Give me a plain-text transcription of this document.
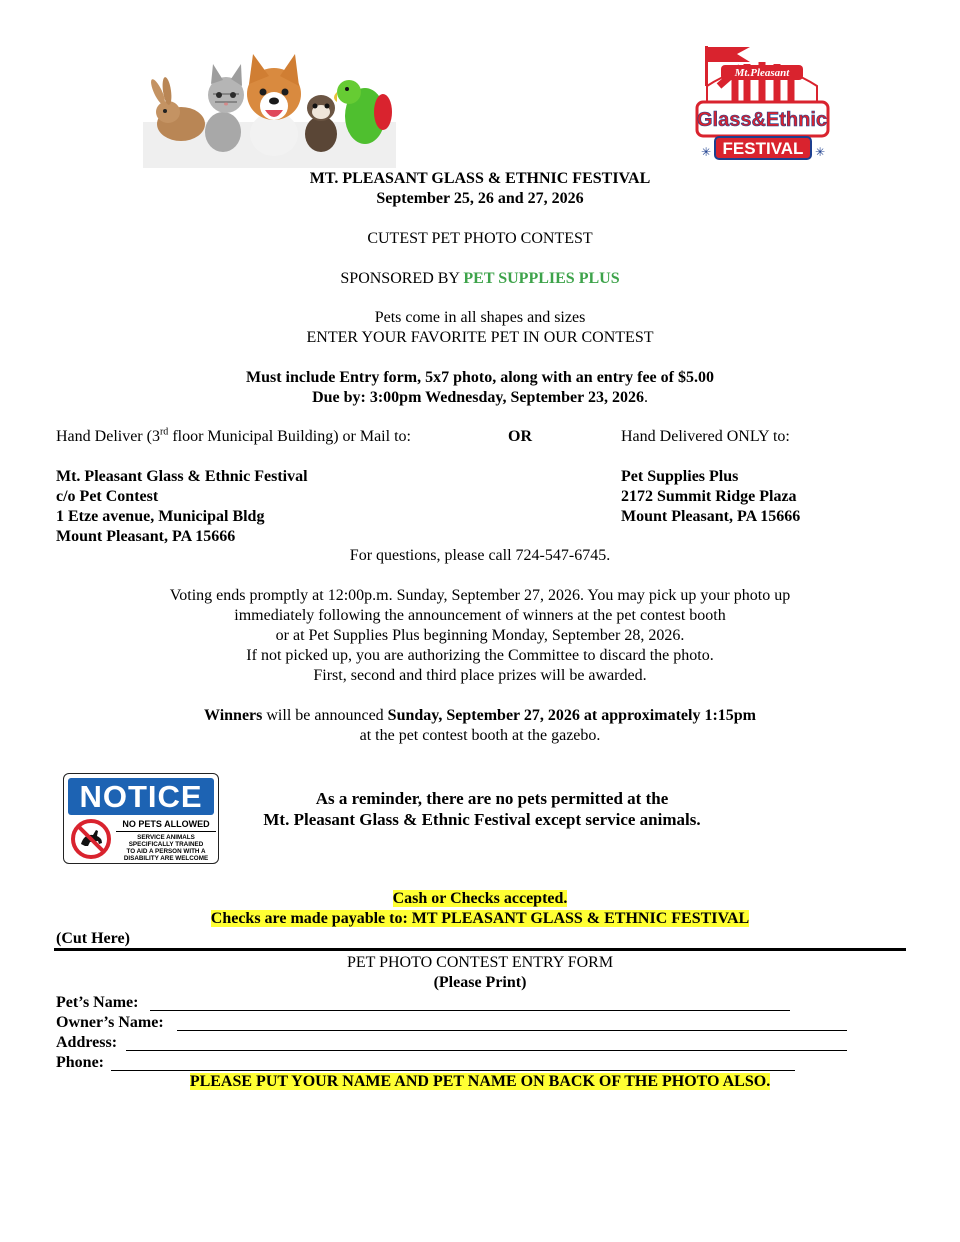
Mt.Pleasant
Glass&Ethnic
FESTIVAL
✳	✳
MT. PLEASANT GLASS & ETHNIC FESTIVAL
September 25, 26 and 27, 2026
CUTEST PET PHOTO CONTEST
SPONSORED BY PET SUPPLIES PLUS
Pets come in all shapes and sizes
ENTER YOUR FAVORITE PET IN OUR CONTEST
Must include Entry form, 5x7 photo, along with an entry fee of $5.00
Due by: 3:00pm Wednesday, September 23, 2026.
Hand Deliver (3rd floor Municipal Building) or Mail to:	OR	Hand Delivered ONLY to:
Mt. Pleasant Glass & Ethnic Festival
c/o Pet Contest
1 Etze avenue, Municipal Bldg
Mount Pleasant, PA 15666
Pet Supplies Plus
2172 Summit Ridge Plaza
Mount Pleasant, PA 15666
For questions, please call 724-547-6745.
Voting ends promptly at 12:00p.m. Sunday, September 27, 2026. You may pick up your photo up
immediately following the announcement of winners at the pet contest booth
or at Pet Supplies Plus beginning Monday, September 28, 2026.
If not picked up, you are authorizing the Committee to discard the photo.
First, second and third place prizes will be awarded.
Winners will be announced Sunday, September 27, 2026 at approximately 1:15pm
at the pet contest booth at the gazebo.
NOTICE
NO PETS ALLOWED
SERVICE ANIMALS
SPECIFICALLY TRAINED
TO AID A PERSON WITH A
DISABILITY ARE WELCOME
As a reminder, there are no pets permitted at the
Mt. Pleasant Glass & Ethnic Festival except service animals.
Cash or Checks accepted.
Checks are made payable to: MT PLEASANT GLASS & ETHNIC FESTIVAL
(Cut Here)
PET PHOTO CONTEST ENTRY FORM
(Please Print)
Pet’s Name:
Owner’s Name:
Address:
Phone:
PLEASE PUT YOUR NAME AND PET NAME ON BACK OF THE PHOTO ALSO.
